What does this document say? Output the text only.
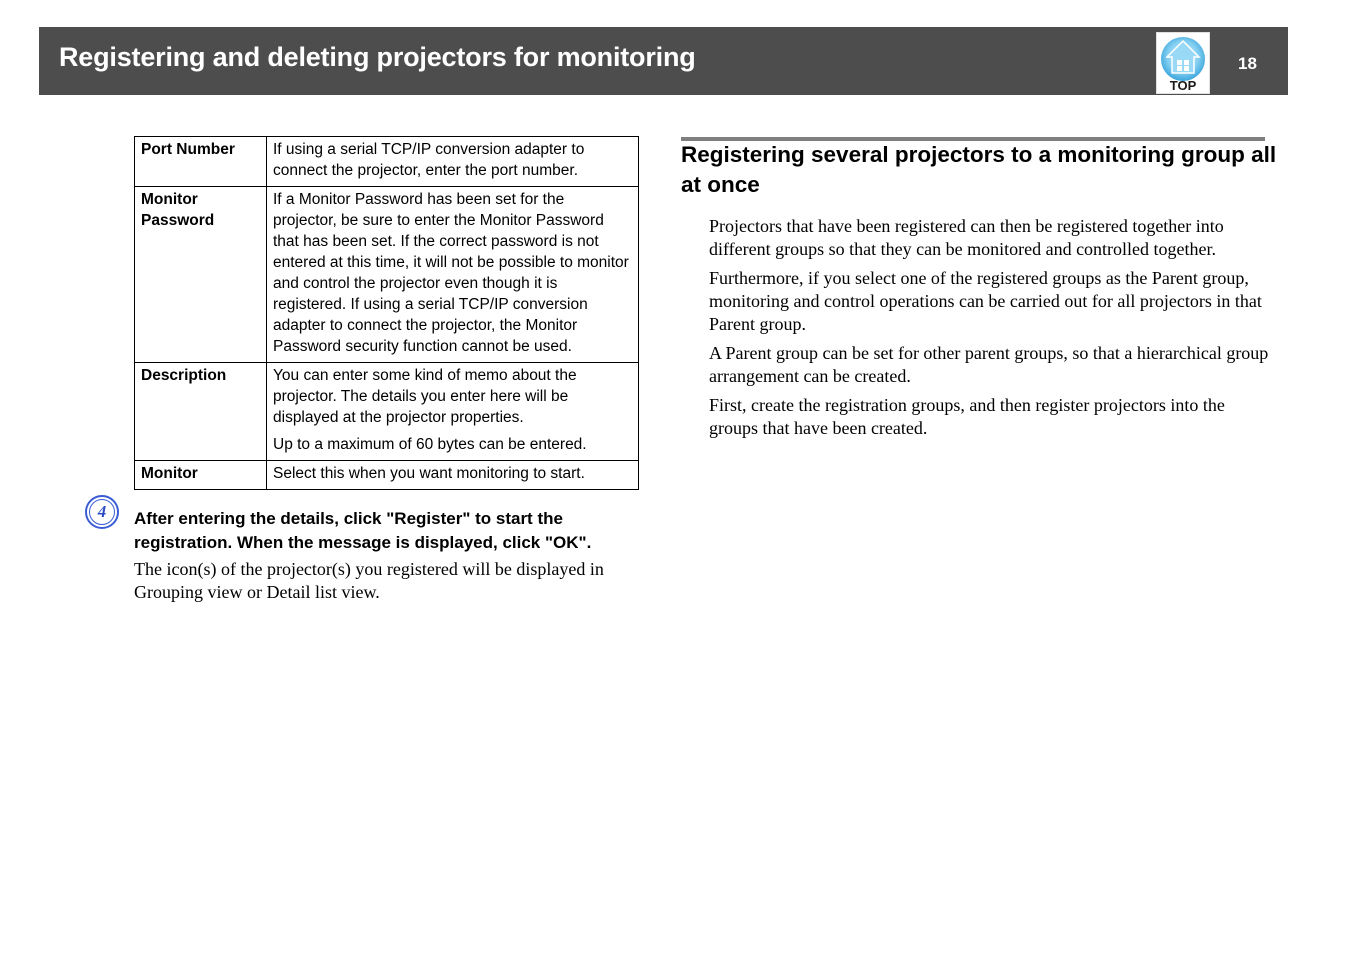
Registering and deleting projectors for monitoring
TOP
18
Port Number	If using a serial TCP/IP conversion adapter to connect the projector, enter the port number.

Monitor Password	If a Monitor Password has been set for the projector, be sure to enter the Monitor Password that has been set. If the correct password is not entered at this time, it will not be possible to monitor and control the projector even though it is registered. If using a serial TCP/IP conversion adapter to connect the projector, the Monitor Password security function cannot be used.

Description	You can enter some kind of memo about the projector. The details you enter here will be displayed at the projector properties.

Up to a maximum of 60 bytes can be entered.

Monitor	Select this when you want monitoring to start.

4	After entering the details, click "Register" to start the registration. When the message is displayed, click "OK".
The icon(s) of the projector(s) you registered will be displayed in Grouping view or Detail list view.
Registering several projectors to a monitoring group all at once

Projectors that have been registered can then be registered together into different groups so that they can be monitored and controlled together.

Furthermore, if you select one of the registered groups as the Parent group, monitoring and control operations can be carried out for all projectors in that Parent group.

A Parent group can be set for other parent groups, so that a hierarchical group arrangement can be created.

First, create the registration groups, and then register projectors into the groups that have been created.
